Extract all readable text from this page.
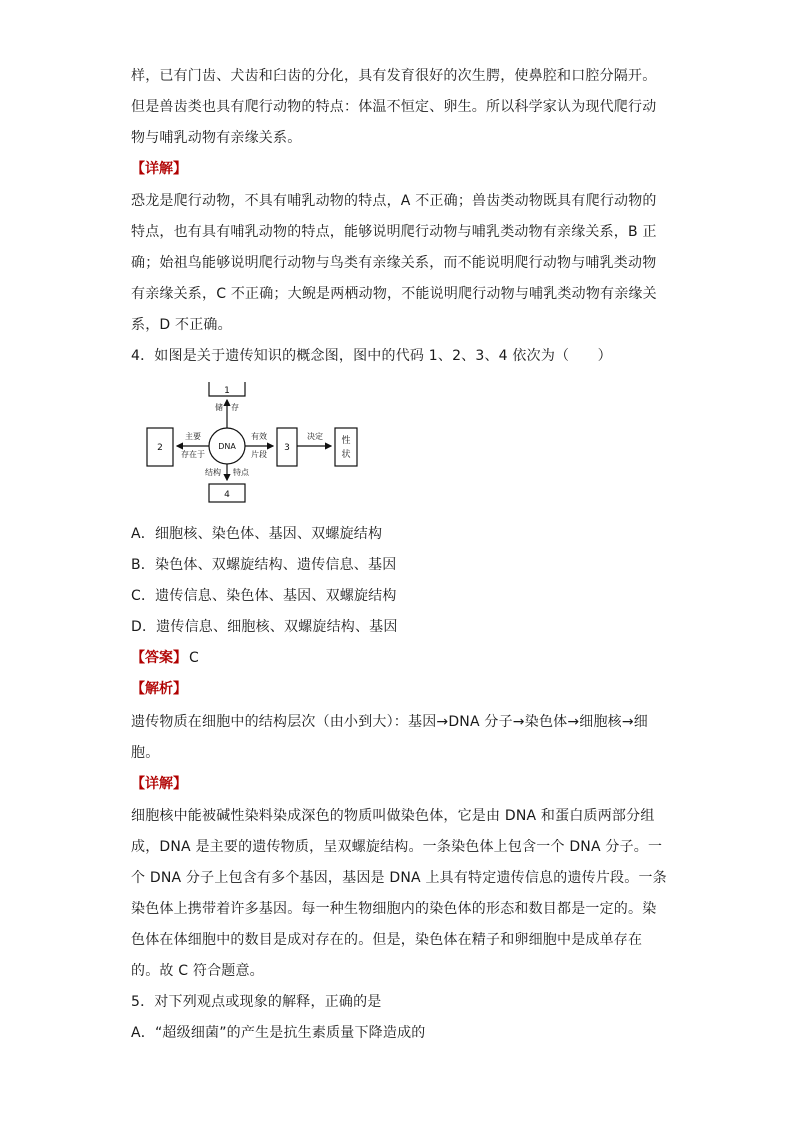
样，已有门齿、犬齿和臼齿的分化，具有发育很好的次生腭，使鼻腔和口腔分隔开。
但是兽齿类也具有爬行动物的特点：体温不恒定、卵生。所以科学家认为现代爬行动
物与哺乳动物有亲缘关系。
【详解】
恐龙是爬行动物，不具有哺乳动物的特点，A 不正确；兽齿类动物既具有爬行动物的
特点，也有具有哺乳动物的特点，能够说明爬行动物与哺乳类动物有亲缘关系，B 正
确；始祖鸟能够说明爬行动物与鸟类有亲缘关系，而不能说明爬行动物与哺乳类动物
有亲缘关系，C 不正确；大鲵是两栖动物，不能说明爬行动物与哺乳类动物有亲缘关
系，D 不正确。
4．如图是关于遗传知识的概念图，图中的代码 1、2、3、4 依次为（　　）
1
2	3
性
状
4
DNA
储 存
主要
存在于
有效
片段
决定
结构 特点
A．细胞核、染色体、基因、双螺旋结构
B．染色体、双螺旋结构、遗传信息、基因
C．遗传信息、染色体、基因、双螺旋结构
D．遗传信息、细胞核、双螺旋结构、基因
【答案】 C
【解析】
遗传物质在细胞中的结构层次（由小到大）：基因→DNA 分子→染色体→细胞核→细
胞。
【详解】
细胞核中能被碱性染料染成深色的物质叫做染色体，它是由 DNA 和蛋白质两部分组
成，DNA 是主要的遗传物质，呈双螺旋结构。一条染色体上包含一个 DNA 分子。一
个 DNA 分子上包含有多个基因，基因是 DNA 上具有特定遗传信息的遗传片段。一条
染色体上携带着许多基因。每一种生物细胞内的染色体的形态和数目都是一定的。染
色体在体细胞中的数目是成对存在的。但是，染色体在精子和卵细胞中是成单存在
的。故 C 符合题意。
5．对下列观点或现象的解释，正确的是
A．“超级细菌”的产生是抗生素质量下降造成的
